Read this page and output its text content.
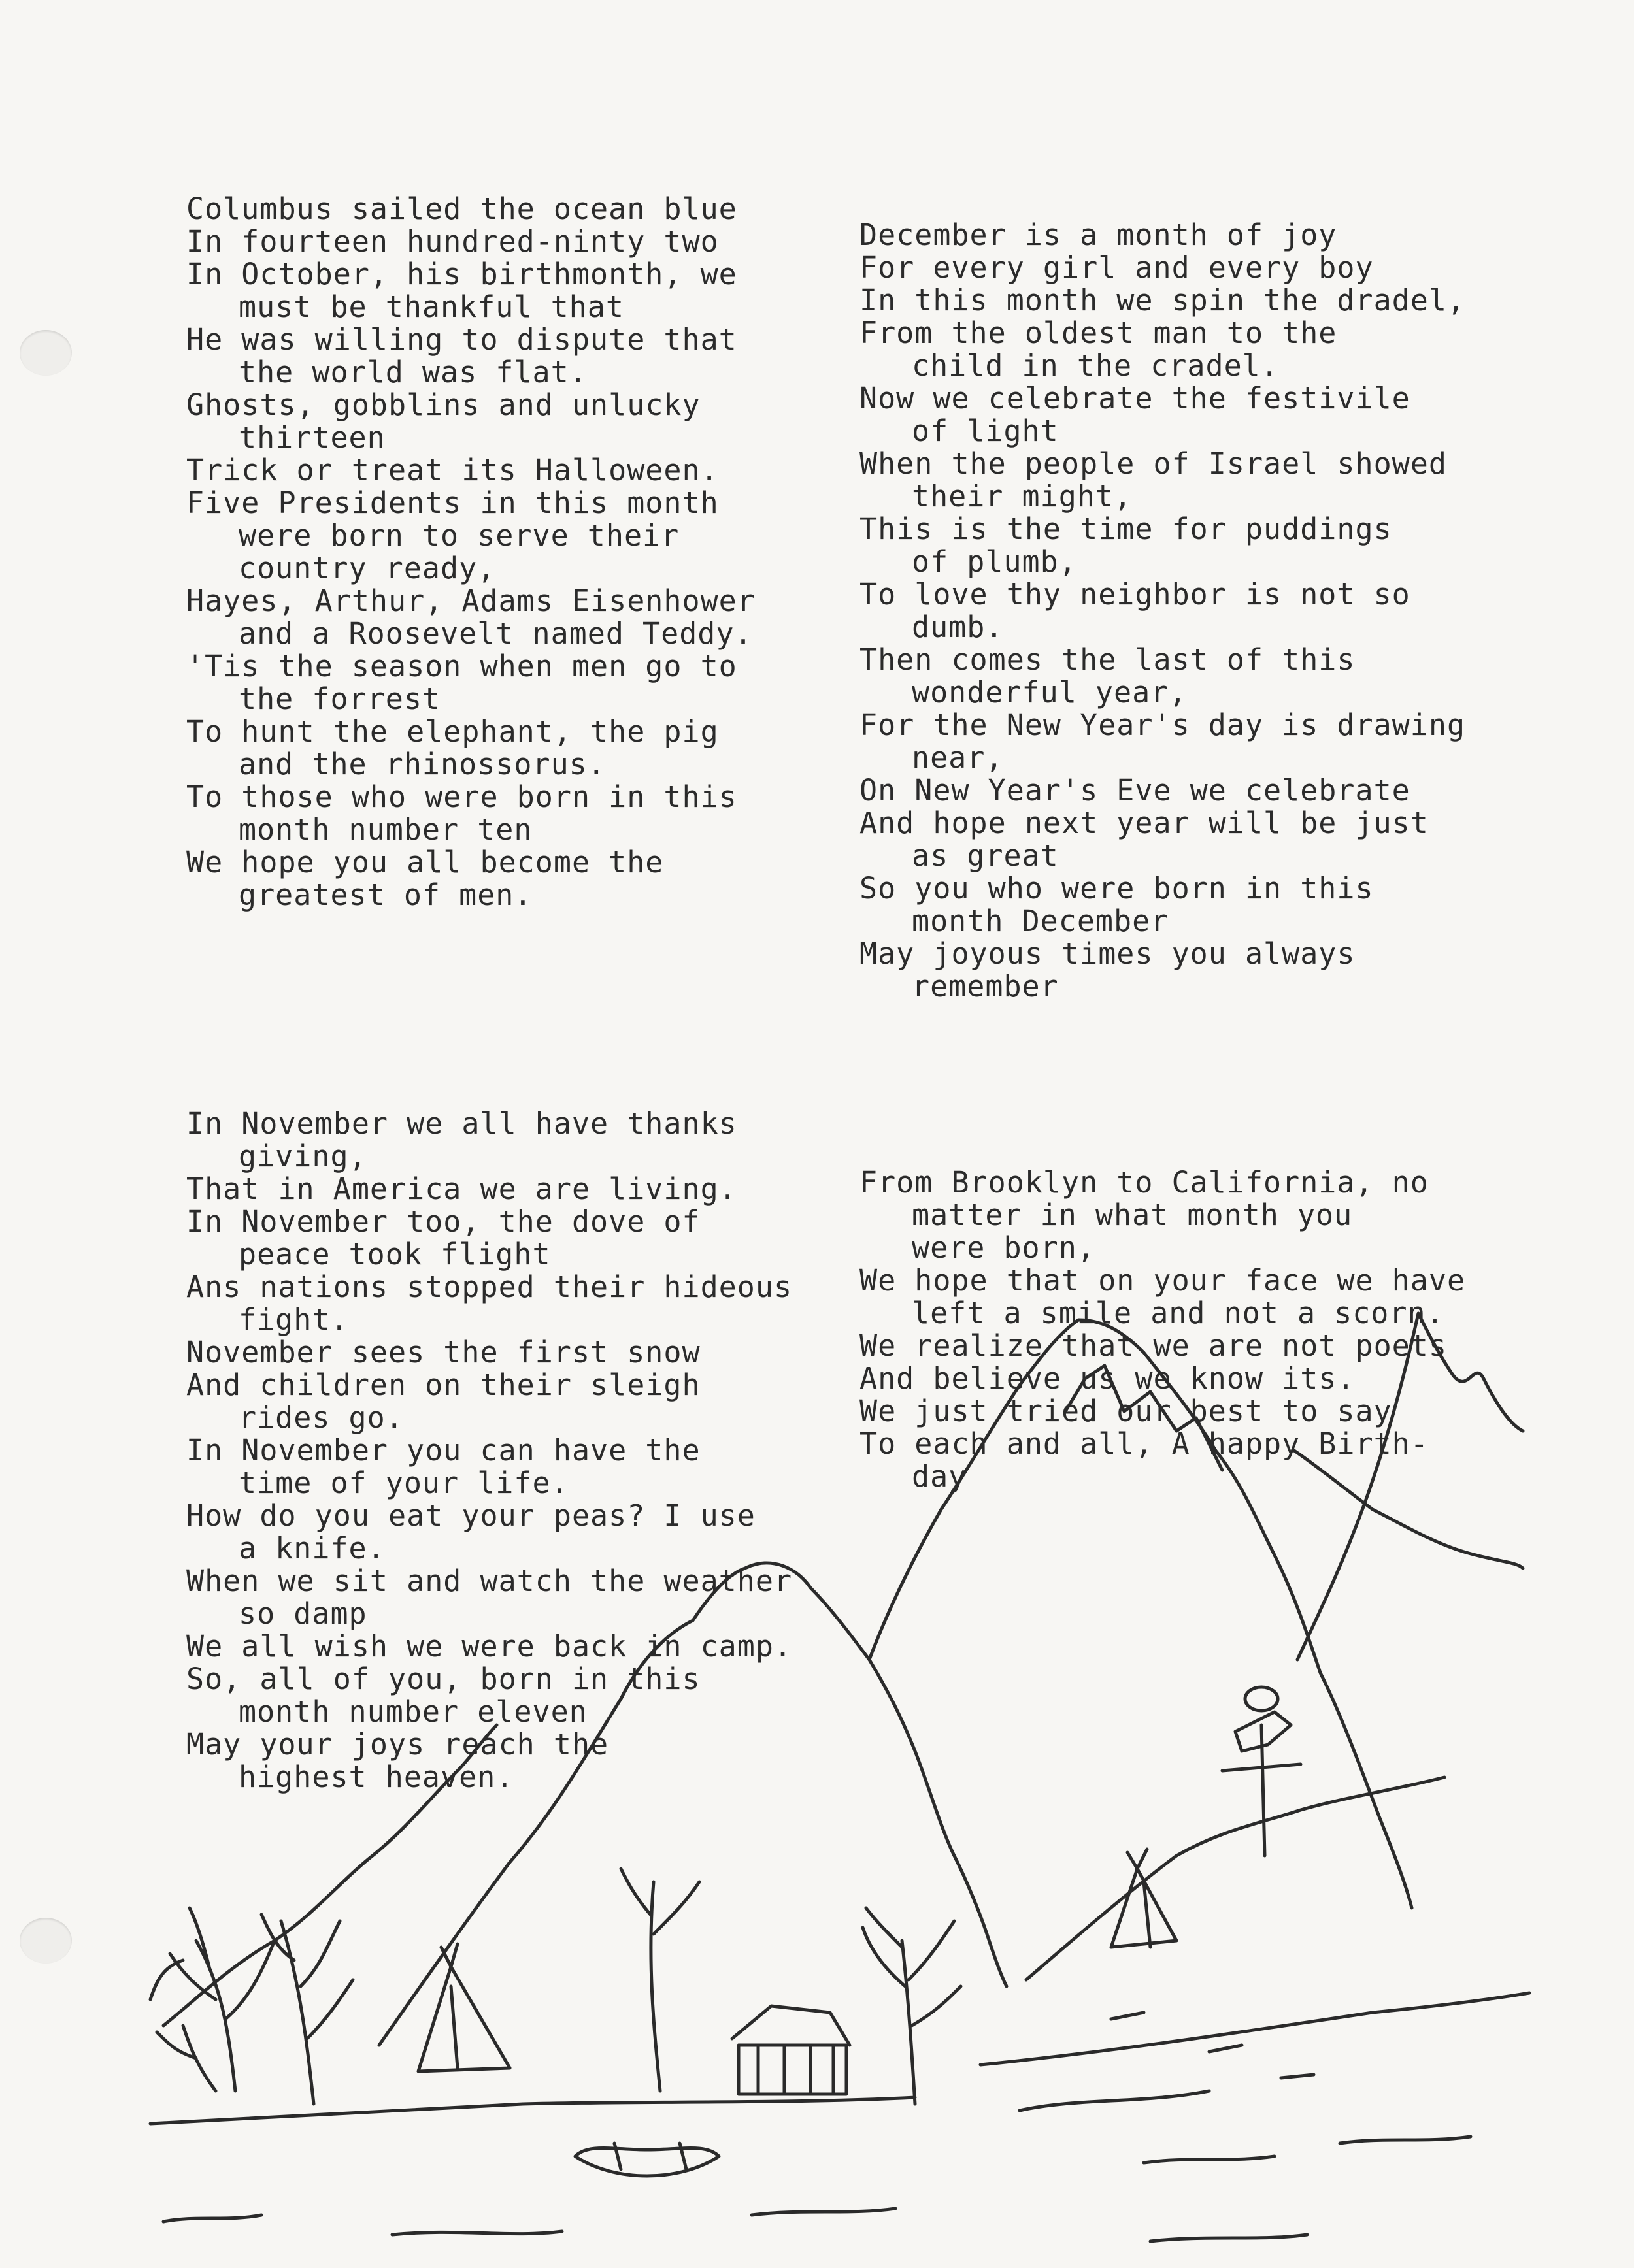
Columbus sailed the ocean blue
In fourteen hundred-ninty two
In October, his birthmonth, we
must be thankful that
He was willing to dispute that
the world was flat.
Ghosts, gobblins and unlucky
thirteen
Trick or treat its Halloween.
Five Presidents in this month
were born to serve their
country ready,
Hayes, Arthur, Adams Eisenhower
and a Roosevelt named Teddy.
'Tis the season when men go to
the forrest
To hunt the elephant, the pig
and the rhinossorus.
To those who were born in this
month number ten
We hope you all become the
greatest of men.

In November we all have thanks
giving,
That in America we are living.
In November too, the dove of
peace took flight
Ans nations stopped their hideous
fight.
November sees the first snow
And children on their sleigh
rides go.
In November you can have the
time of your life.
How do you eat your peas? I use
a knife.
When we sit and watch the weather
so damp
We all wish we were back in camp.
So, all of you, born in this
month number eleven
May your joys reach the
highest heaven.

December is a month of joy
For every girl and every boy
In this month we spin the dradel,
From the oldest man to the
child in the cradel.
Now we celebrate the festivile
of light
When the people of Israel showed
their might,
This is the time for puddings
of plumb,
To love thy neighbor is not so
dumb.
Then comes the last of this
wonderful year,
For the New Year's day is drawing
near,
On New Year's Eve we celebrate
And hope next year will be just
as great
So you who were born in this
month December
May joyous times you always
remember

From Brooklyn to California, no
matter in what month you
were born,
We hope that on your face we have
left a smile and not a scorn.
We realize that we are not poets
And believe us we know its.
We just tried our best to say
To each and all, A happy Birth-
day
